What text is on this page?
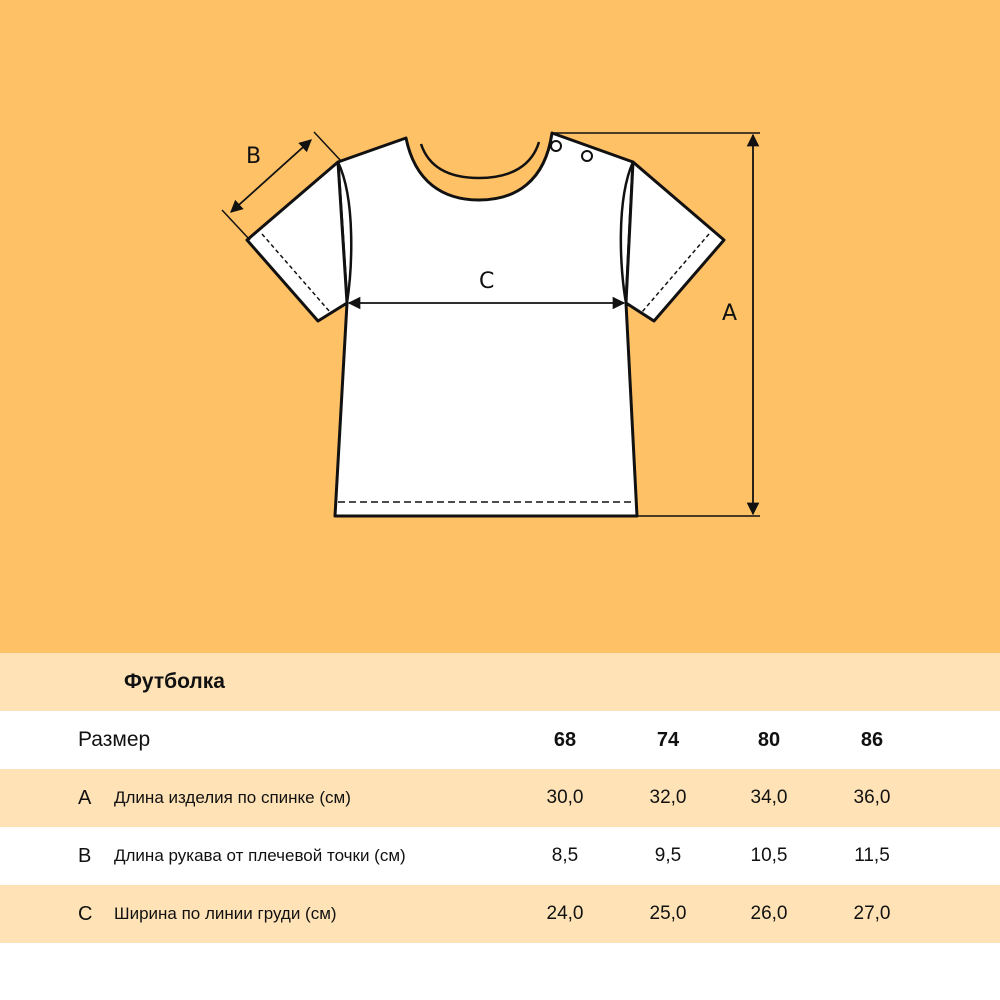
A
B
C
Футболка
Размер	68	74	80	86
A Длина изделия по спинке (см)	30,0	32,0	34,0	36,0
B Длина рукава от плечевой точки (см)	8,5	9,5	10,5	11,5
C Ширина по линии груди (см)	24,0	25,0	26,0	27,0
